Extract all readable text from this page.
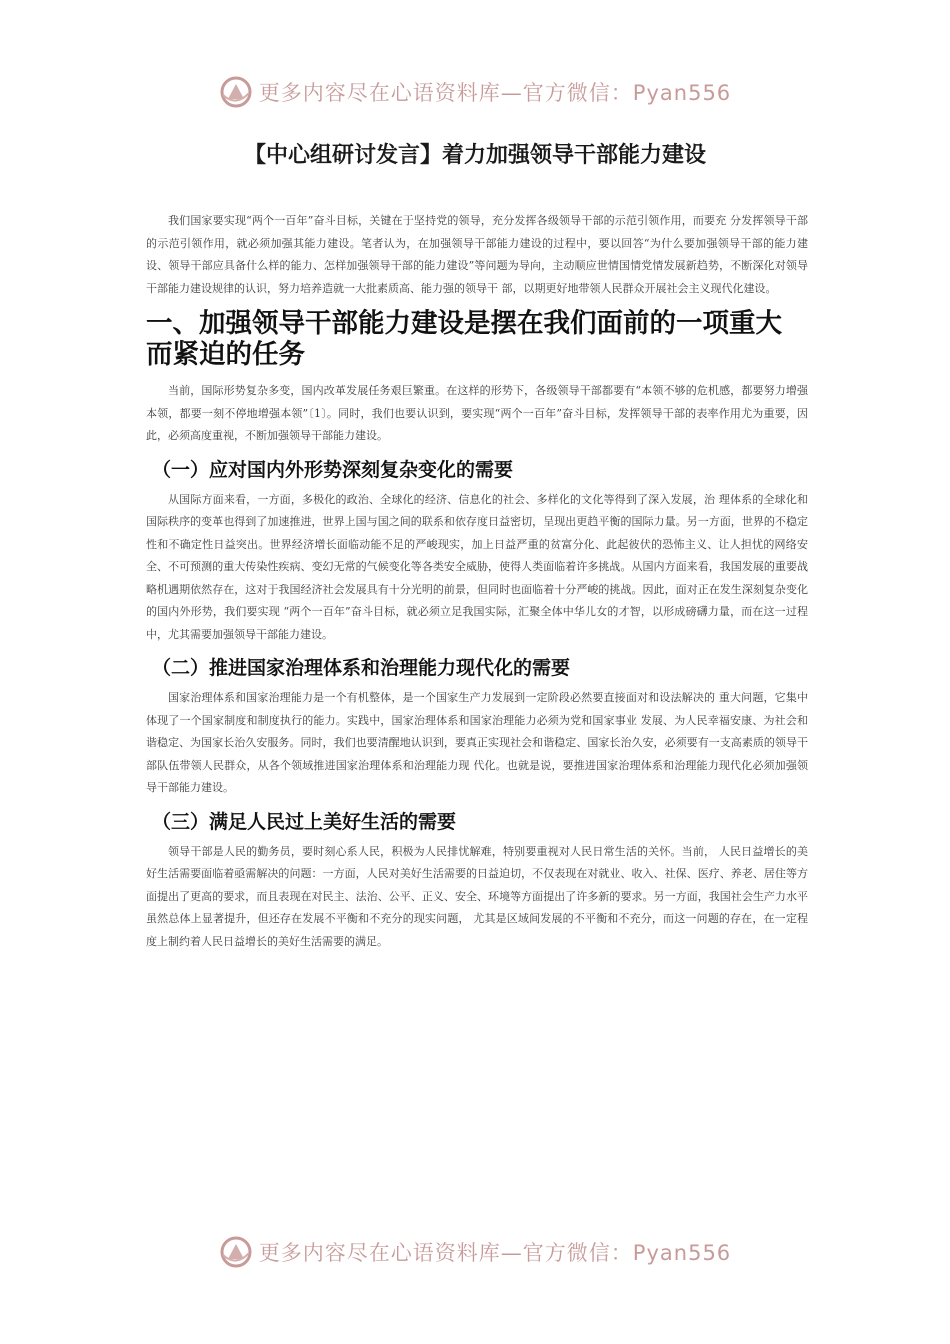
更多内容尽在心语资料库—官方微信：Pyan556
【中心组研讨发言】着力加强领导干部能力建设

我们国家要实现“两个一百年”奋斗目标，关键在于坚持党的领导，充分发挥各级领导干部的示范引领作用，而要充 分发挥领导干部的示范引领作用，就必须加强其能力建设。笔者认为，在加强领导干部能力建设的过程中，要以回答“为什么要加强领导干部的能力建设、领导干部应具备什么样的能力、怎样加强领导干部的能力建设”等问题为导向，主动顺应世情国情党情发展新趋势，不断深化对领导干部能力建设规律的认识，努力培养造就一大批素质高、能力强的领导干 部，以期更好地带领人民群众开展社会主义现代化建设。

一、加强领导干部能力建设是摆在我们面前的一项重大而紧迫的任务

当前，国际形势复杂多变，国内改革发展任务艰巨繁重。在这样的形势下，各级领导干部都要有“本领不够的危机感，都要努力增强本领，都要一刻不停地增强本领”〔1〕。同时，我们也要认识到，要实现“两个一百年”奋斗目标，发挥领导干部的表率作用尤为重要，因此，必须高度重视，不断加强领导干部能力建设。

（一）应对国内外形势深刻复杂变化的需要

从国际方面来看，一方面，多极化的政治、全球化的经济、信息化的社会、多样化的文化等得到了深入发展，治 理体系的全球化和国际秩序的变革也得到了加速推进，世界上国与国之间的联系和依存度日益密切，呈现出更趋平衡的国际力量。另一方面，世界的不稳定性和不确定性日益突出。世界经济增长面临动能不足的严峻现实，加上日益严重的贫富分化、此起彼伏的恐怖主义、让人担忧的网络安全、不可预测的重大传染性疾病、变幻无常的气候变化等各类安全威胁，使得人类面临着许多挑战。从国内方面来看，我国发展的重要战略机遇期依然存在，这对于我国经济社会发展具有十分光明的前景，但同时也面临着十分严峻的挑战。因此，面对正在发生深刻复杂变化的国内外形势，我们要实现 “两个一百年”奋斗目标，就必须立足我国实际，汇聚全体中华儿女的才智，以形成磅礴力量，而在这一过程中，尤其需要加强领导干部能力建设。

（二）推进国家治理体系和治理能力现代化的需要

国家治理体系和国家治理能力是一个有机整体，是一个国家生产力发展到一定阶段必然要直接面对和设法解决的 重大问题，它集中体现了一个国家制度和制度执行的能力。实践中，国家治理体系和国家治理能力必须为党和国家事业 发展、为人民幸福安康、为社会和谐稳定、为国家长治久安服务。同时，我们也要清醒地认识到，要真正实现社会和谐稳定、国家长治久安，必须要有一支高素质的领导干部队伍带领人民群众，从各个领域推进国家治理体系和治理能力现 代化。也就是说，要推进国家治理体系和治理能力现代化必须加强领导干部能力建设。

（三）满足人民过上美好生活的需要

领导干部是人民的勤务员，要时刻心系人民，积极为人民排忧解难，特别要重视对人民日常生活的关怀。当前， 人民日益增长的美好生活需要面临着亟需解决的问题：一方面，人民对美好生活需要的日益迫切，不仅表现在对就业、收入、社保、医疗、养老、居住等方面提出了更高的要求，而且表现在对民主、法治、公平、正义、安全、环境等方面提出了许多新的要求。另一方面，我国社会生产力水平虽然总体上显著提升，但还存在发展不平衡和不充分的现实问题， 尤其是区域间发展的不平衡和不充分，而这一问题的存在，在一定程度上制约着人民日益增长的美好生活需要的满足。

更多内容尽在心语资料库—官方微信：Pyan556
